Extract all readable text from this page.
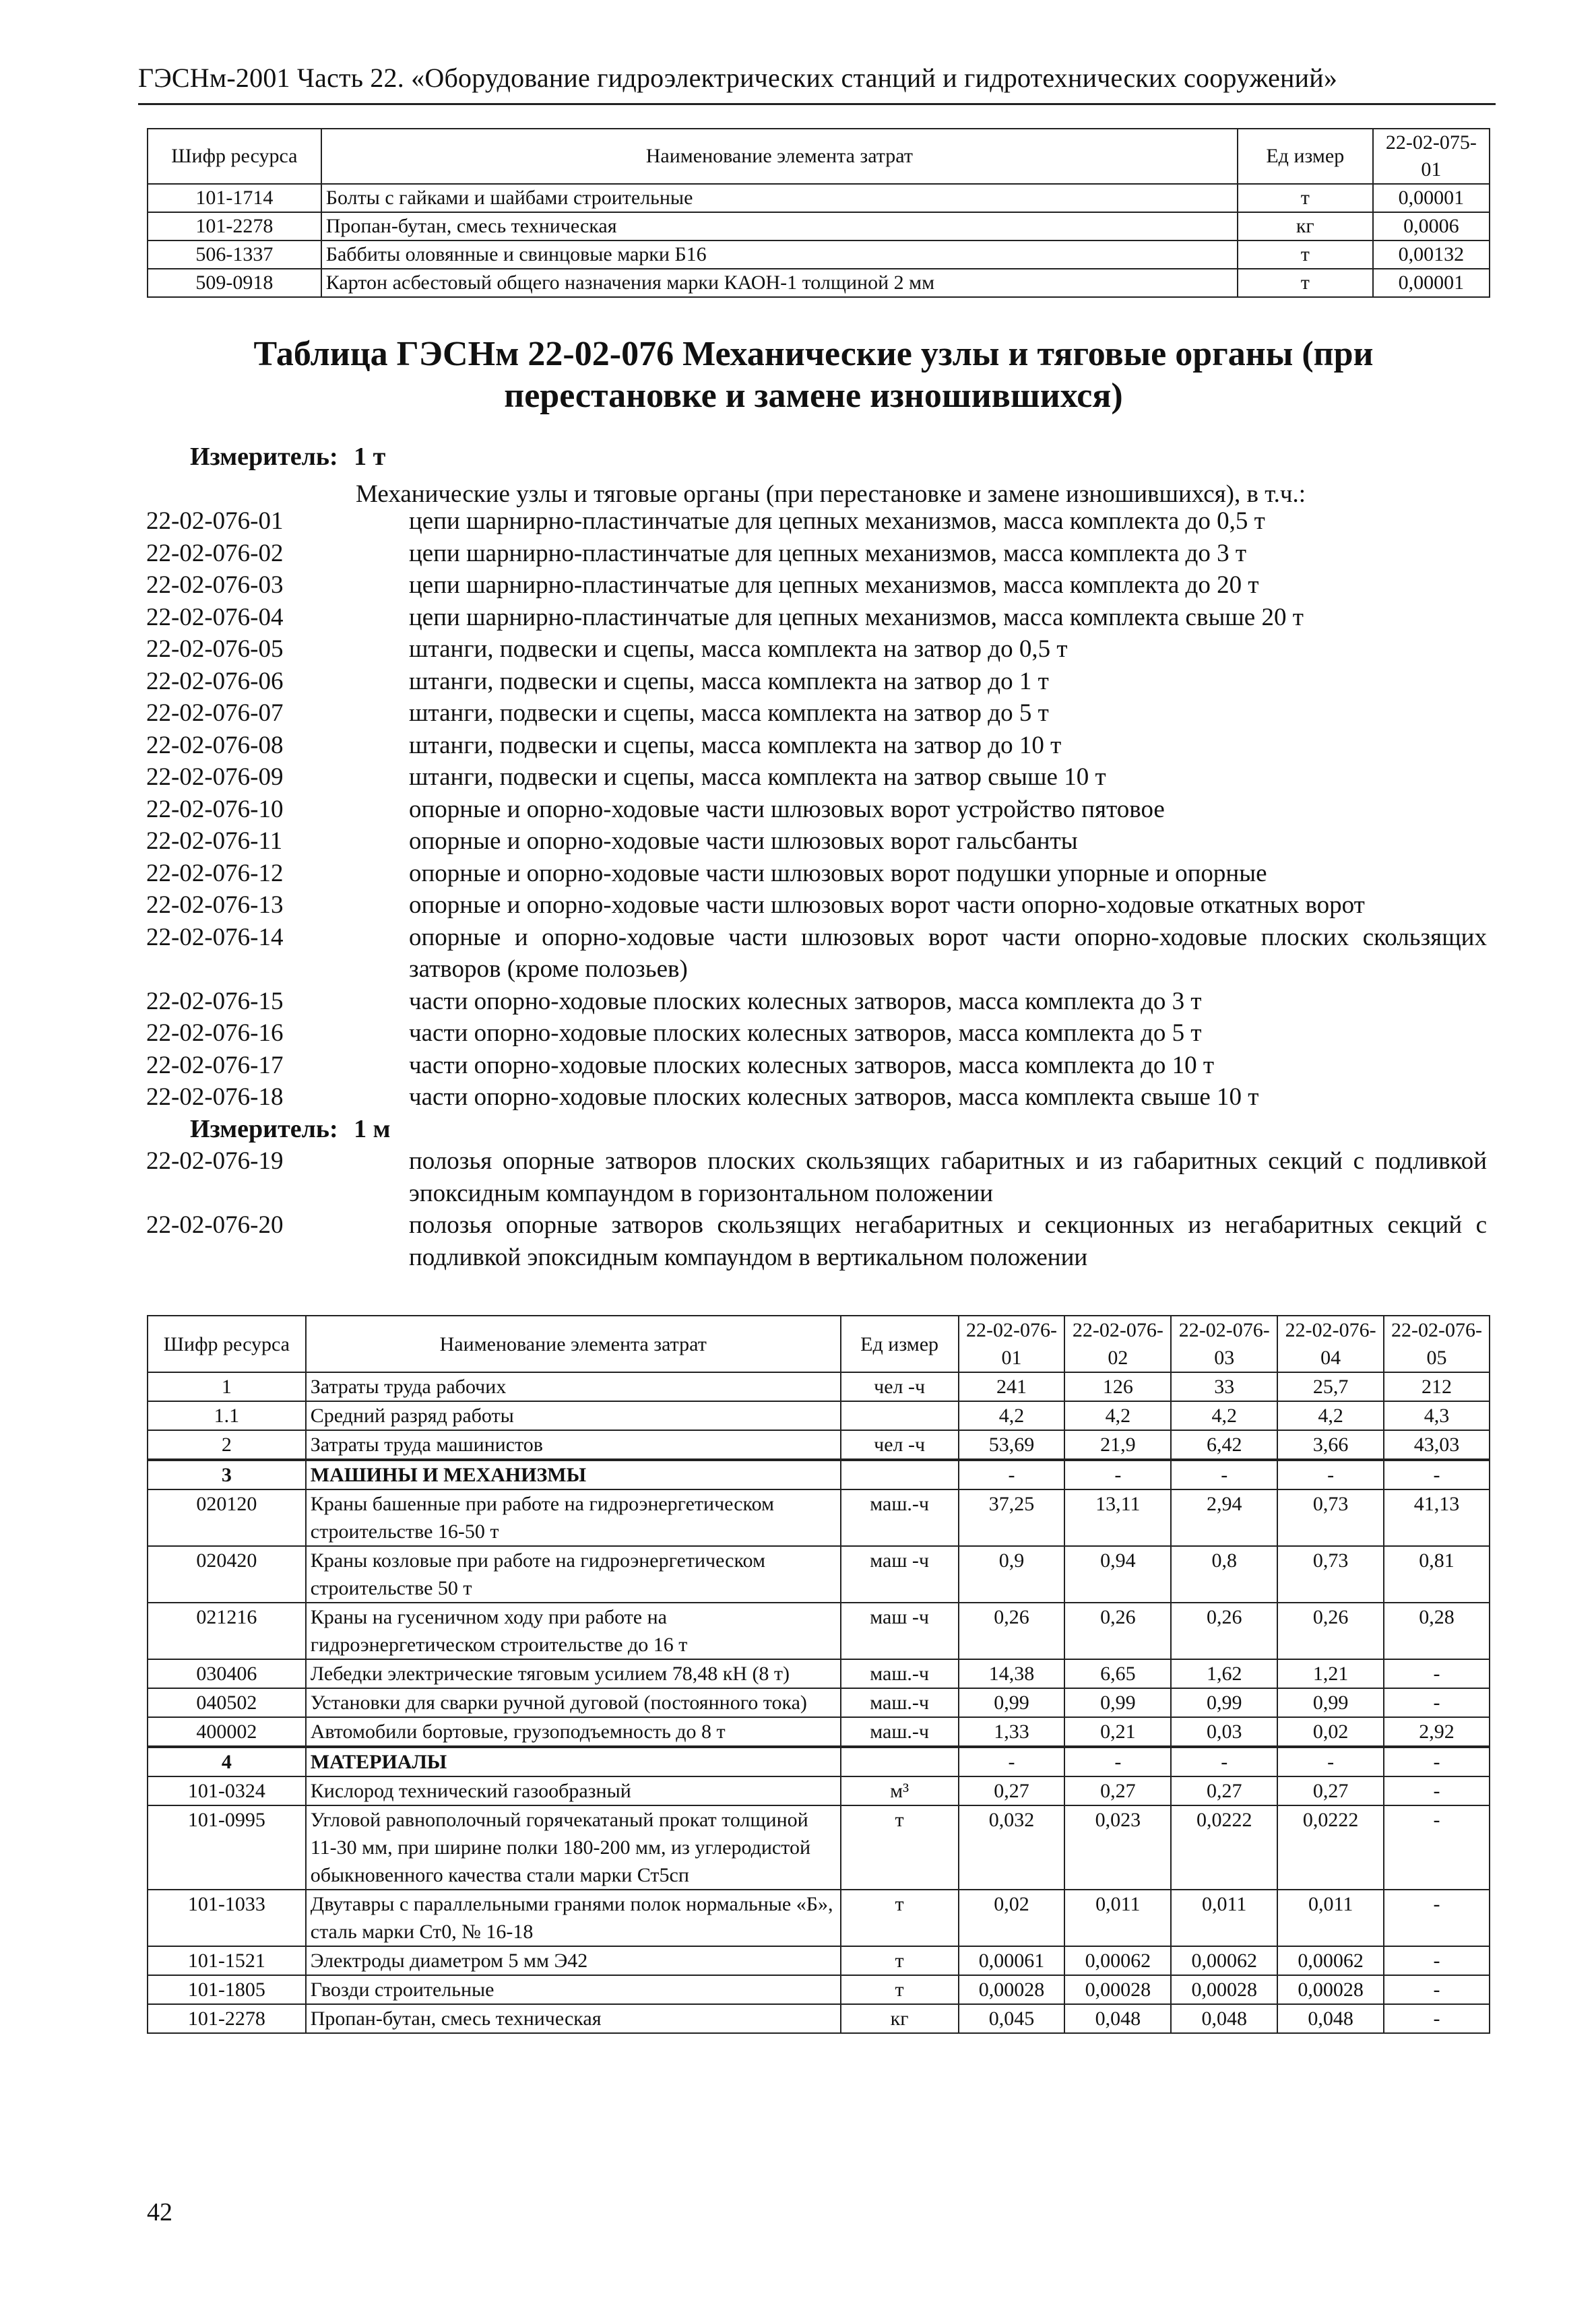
ГЭСНм-2001 Часть 22. «Оборудование гидроэлектрических станций и гидротехнических сооружений»
Шифр ресурса	Наименование элемента затрат	Ед измер	22-02-075-01
101-1714	Болты с гайками и шайбами строительные	т	0,00001
101-2278	Пропан-бутан, смесь техническая	кг	0,0006
506-1337	Баббиты оловянные и свинцовые марки Б16	т	0,00132
509-0918	Картон асбестовый общего назначения марки КАОН-1 толщиной 2 мм	т	0,00001
Таблица ГЭСНм 22-02-076 Механические узлы и тяговые органы (при перестановке и замене изношившихся)
Измеритель: 1 т
Механические узлы и тяговые органы (при перестановке и замене изношившихся), в т.ч.:
22-02-076-01	цепи шарнирно-пластинчатые для цепных механизмов, масса комплекта до 0,5 т
22-02-076-02	цепи шарнирно-пластинчатые для цепных механизмов, масса комплекта до 3 т
22-02-076-03	цепи шарнирно-пластинчатые для цепных механизмов, масса комплекта до 20 т
22-02-076-04	цепи шарнирно-пластинчатые для цепных механизмов, масса комплекта свыше 20 т
22-02-076-05	штанги, подвески и сцепы, масса комплекта на затвор до 0,5 т
22-02-076-06	штанги, подвески и сцепы, масса комплекта на затвор до 1 т
22-02-076-07	штанги, подвески и сцепы, масса комплекта на затвор до 5 т
22-02-076-08	штанги, подвески и сцепы, масса комплекта на затвор до 10 т
22-02-076-09	штанги, подвески и сцепы, масса комплекта на затвор свыше 10 т
22-02-076-10	опорные и опорно-ходовые части шлюзовых ворот устройство пятовое
22-02-076-11	опорные и опорно-ходовые части шлюзовых ворот гальсбанты
22-02-076-12	опорные и опорно-ходовые части шлюзовых ворот подушки упорные и опорные
22-02-076-13	опорные и опорно-ходовые части шлюзовых ворот части опорно-ходовые откатных ворот
22-02-076-14	опорные и опорно-ходовые части шлюзовых ворот части опорно-ходовые плоских скользящих затворов (кроме полозьев)
22-02-076-15	части опорно-ходовые плоских колесных затворов, масса комплекта до 3 т
22-02-076-16	части опорно-ходовые плоских колесных затворов, масса комплекта до 5 т
22-02-076-17	части опорно-ходовые плоских колесных затворов, масса комплекта до 10 т
22-02-076-18	части опорно-ходовые плоских колесных затворов, масса комплекта свыше 10 т
Измеритель: 1 м
22-02-076-19	полозья опорные затворов плоских скользящих габаритных и из габаритных секций с подливкой эпоксидным компаундом в горизонтальном положении
22-02-076-20	полозья опорные затворов скользящих негабаритных и секционных из негабаритных секций с подливкой эпоксидным компаундом в вертикальном положении
Шифр ресурса	Наименование элемента затрат	Ед измер	22-02-076-01	22-02-076-02	22-02-076-03	22-02-076-04	22-02-076-05
1	Затраты труда рабочих	чел -ч	241	126	33	25,7	212
1.1	Средний разряд работы		4,2	4,2	4,2	4,2	4,3
2	Затраты труда машинистов	чел -ч	53,69	21,9	6,42	3,66	43,03
3	МАШИНЫ И МЕХАНИЗМЫ		-	-	-	-	-
020120	Краны башенные при работе на гидроэнергетическом строительстве 16-50 т	маш.-ч	37,25	13,11	2,94	0,73	41,13
020420	Краны козловые при работе на гидроэнергетическом строительстве 50 т	маш -ч	0,9	0,94	0,8	0,73	0,81
021216	Краны на гусеничном ходу при работе на гидроэнергетическом строительстве до 16 т	маш -ч	0,26	0,26	0,26	0,26	0,28
030406	Лебедки электрические тяговым усилием 78,48 кН (8 т)	маш.-ч	14,38	6,65	1,62	1,21	-
040502	Установки для сварки ручной дуговой (постоянного тока)	маш.-ч	0,99	0,99	0,99	0,99	-
400002	Автомобили бортовые, грузоподъемность до 8 т	маш.-ч	1,33	0,21	0,03	0,02	2,92
4	МАТЕРИАЛЫ		-	-	-	-	-
101-0324	Кислород технический газообразный	м³	0,27	0,27	0,27	0,27	-
101-0995	Угловой равнополочный горячекатаный прокат толщиной 11-30 мм, при ширине полки 180-200 мм, из углеродистой обыкновенного качества стали марки Ст5сп	т	0,032	0,023	0,0222	0,0222	-
101-1033	Двутавры с параллельными гранями полок нормальные «Б», сталь марки Ст0, № 16-18	т	0,02	0,011	0,011	0,011	-
101-1521	Электроды диаметром 5 мм Э42	т	0,00061	0,00062	0,00062	0,00062	-
101-1805	Гвозди строительные	т	0,00028	0,00028	0,00028	0,00028	-
101-2278	Пропан-бутан, смесь техническая	кг	0,045	0,048	0,048	0,048	-
42
